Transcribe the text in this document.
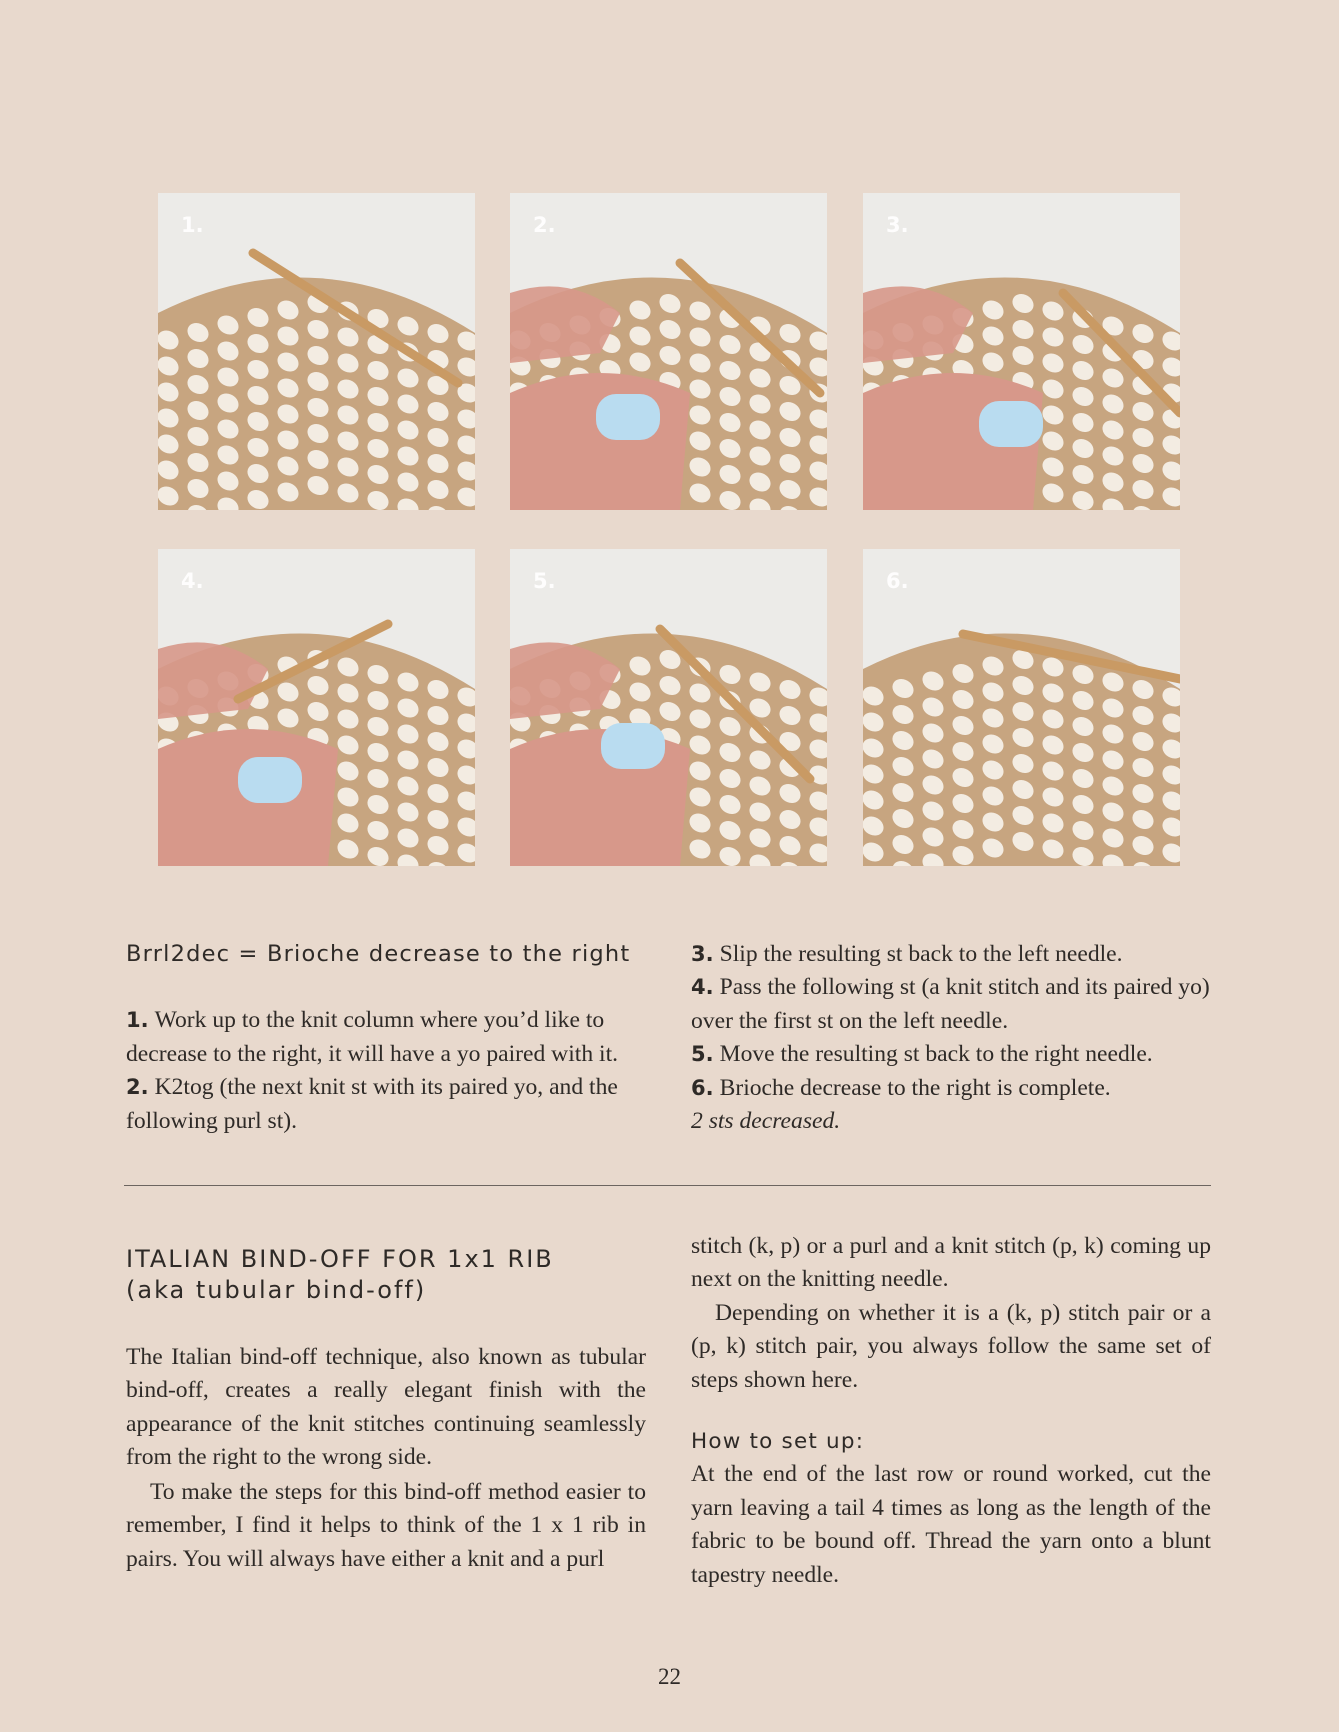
1.	2.	3.
4.	5.	6.

Brrl2dec = Brioche decrease to the right

1. Work up to the knit column where you’d like to decrease to the right, it will have a yo paired with it.

2. K2tog (the next knit st with its paired yo, and the following purl st).

3. Slip the resulting st back to the left needle.

4. Pass the following st (a knit stitch and its paired yo) over the first st on the left needle.

5. Move the resulting st back to the right needle.

6. Brioche decrease to the right is complete.

2 sts decreased.

ITALIAN BIND-OFF FOR 1x1 RIB
(aka tubular bind-off)

The Italian bind-off technique, also known as tubular bind-off, creates a really elegant finish with the appearance of the knit stitches continuing seamlessly from the right to the wrong side.

To make the steps for this bind-off method easier to remember, I find it helps to think of the 1 x 1 rib in pairs. You will always have either a knit and a purl

stitch (k, p) or a purl and a knit stitch (p, k) coming up next on the knitting needle.

Depending on whether it is a (k, p) stitch pair or a (p, k) stitch pair, you always follow the same set of steps shown here.

How to set up:

At the end of the last row or round worked, cut the yarn leaving a tail 4 times as long as the length of the fabric to be bound off. Thread the yarn onto a blunt tapestry needle.

22
